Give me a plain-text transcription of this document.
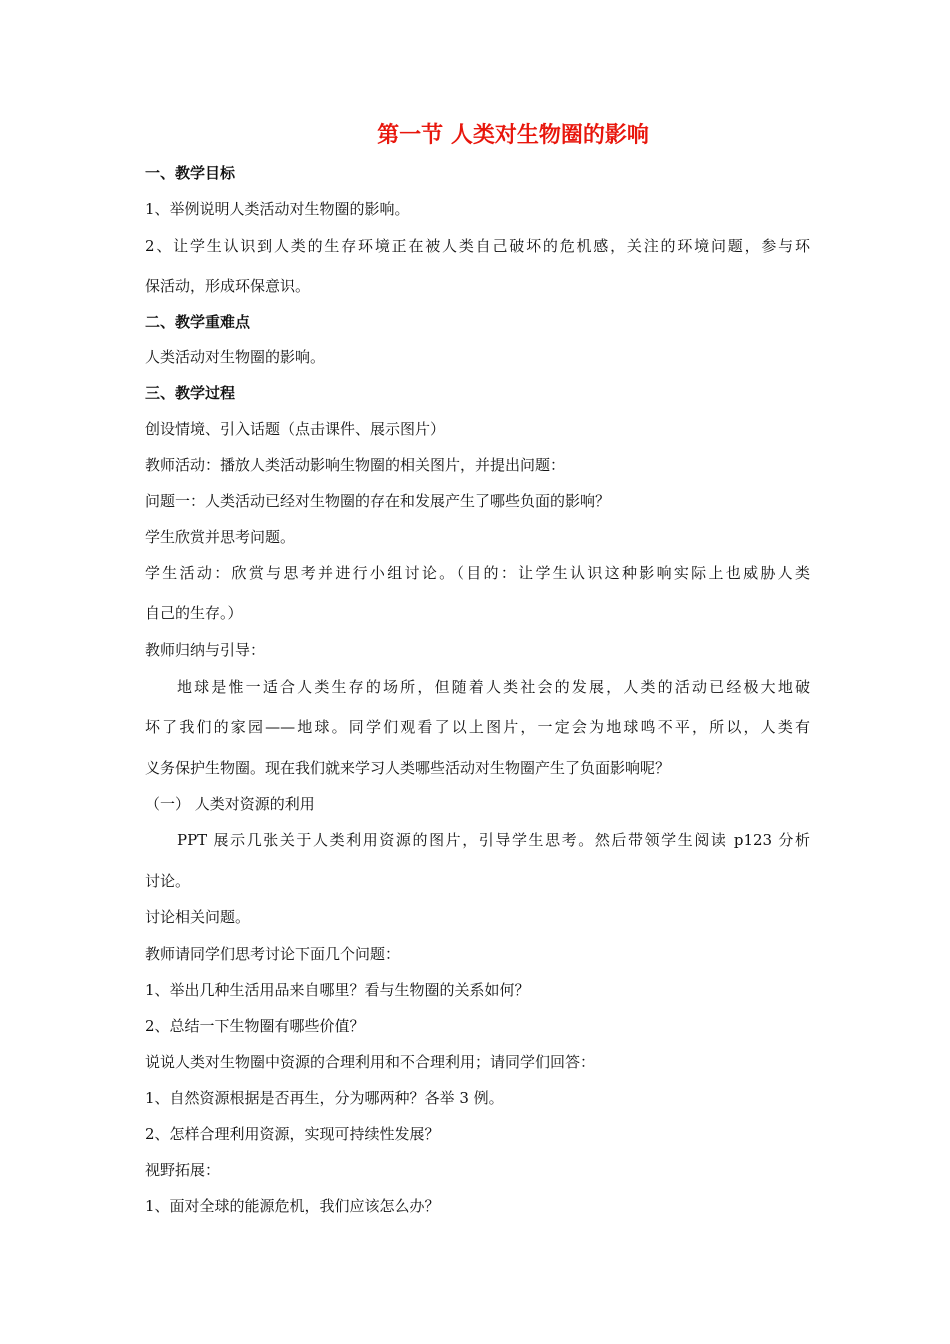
第一节 人类对生物圈的影响
一、教学目标
1、举例说明人类活动对生物圈的影响。
2、让学生认识到人类的生存环境正在被人类自己破坏的危机感，关注的环境问题，参与环
保活动，形成环保意识。
二、教学重难点
人类活动对生物圈的影响。
三、教学过程
创设情境、引入话题（点击课件、展示图片）
教师活动：播放人类活动影响生物圈的相关图片，并提出问题：
问题一：人类活动已经对生物圈的存在和发展产生了哪些负面的影响？
学生欣赏并思考问题。
学生活动：欣赏与思考并进行小组讨论。（目的：让学生认识这种影响实际上也威胁人类
自己的生存。）
教师归纳与引导：
地球是惟一适合人类生存的场所，但随着人类社会的发展，人类的活动已经极大地破
坏了我们的家园——地球。同学们观看了以上图片，一定会为地球鸣不平，所以，人类有
义务保护生物圈。现在我们就来学习人类哪些活动对生物圈产生了负面影响呢？
（一） 人类对资源的利用
PPT 展示几张关于人类利用资源的图片，引导学生思考。然后带领学生阅读 p123 分析
讨论。
讨论相关问题。
教师请同学们思考讨论下面几个问题：
1、举出几种生活用品来自哪里？看与生物圈的关系如何？
2、总结一下生物圈有哪些价值？
说说人类对生物圈中资源的合理利用和不合理利用；请同学们回答：
1、自然资源根据是否再生，分为哪两种？各举 3 例。
2、怎样合理利用资源，实现可持续性发展？
视野拓展：
1、面对全球的能源危机，我们应该怎么办？
